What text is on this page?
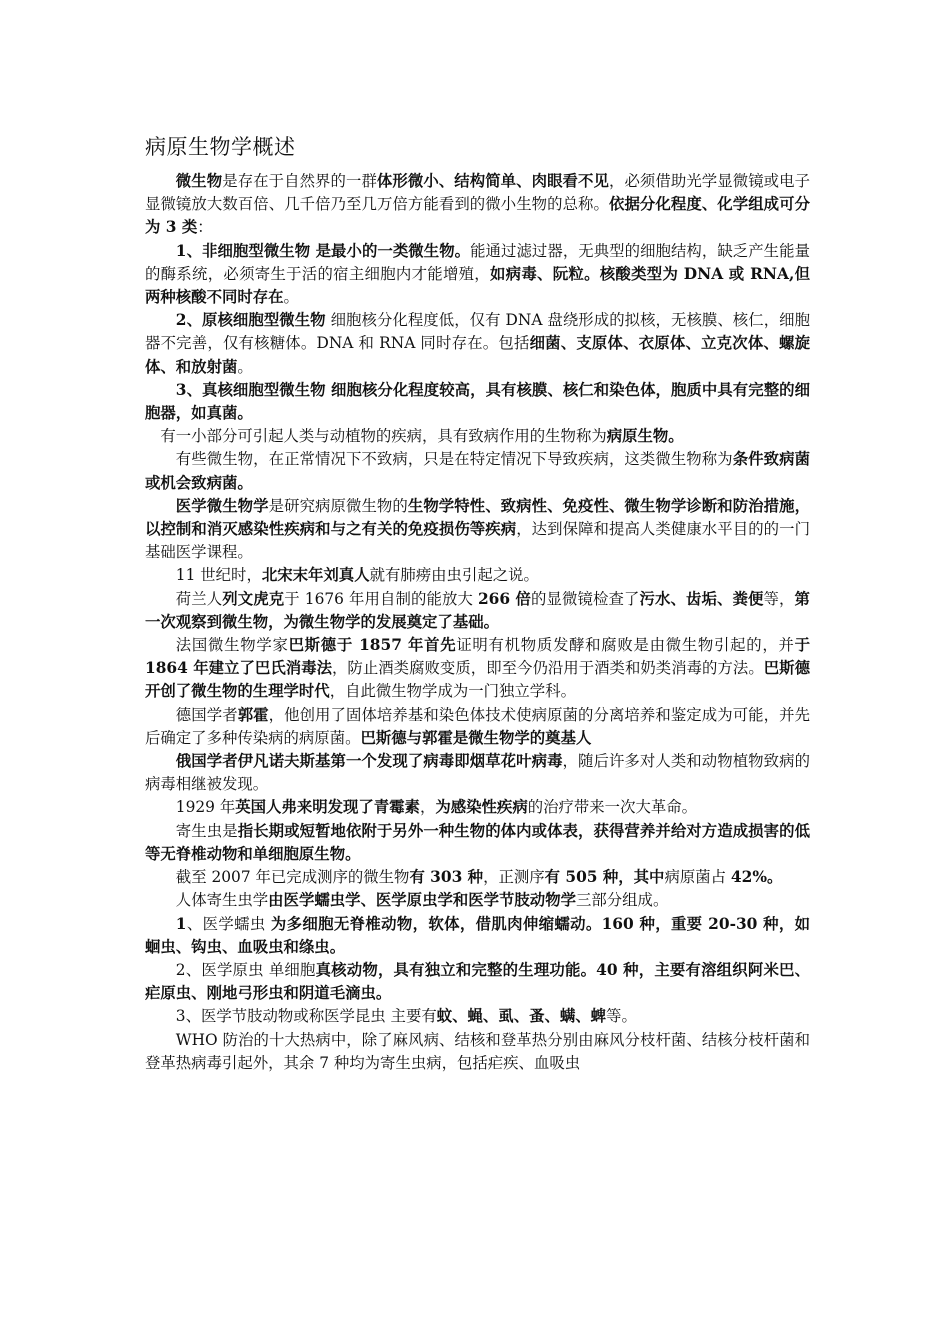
病原生物学概述

微生物是存在于自然界的一群体形微小、结构简单、肉眼看不见，必须借助光学显微镜或电子显微镜放大数百倍、几千倍乃至几万倍方能看到的微小生物的总称。依据分化程度、化学组成可分为 3 类：

1、非细胞型微生物 是最小的一类微生物。能通过滤过器，无典型的细胞结构，缺乏产生能量的酶系统，必须寄生于活的宿主细胞内才能增殖，如病毒、阮粒。核酸类型为 DNA 或 RNA,但两种核酸不同时存在。

2、原核细胞型微生物 细胞核分化程度低，仅有 DNA 盘绕形成的拟核，无核膜、核仁，细胞器不完善，仅有核糖体。DNA 和 RNA 同时存在。包括细菌、支原体、衣原体、立克次体、螺旋体、和放射菌。

3、真核细胞型微生物 细胞核分化程度较高，具有核膜、核仁和染色体，胞质中具有完整的细胞器，如真菌。

有一小部分可引起人类与动植物的疾病，具有致病作用的生物称为病原生物。

有些微生物，在正常情况下不致病，只是在特定情况下导致疾病，这类微生物称为条件致病菌或机会致病菌。

医学微生物学是研究病原微生物的生物学特性、致病性、免疫性、微生物学诊断和防治措施，以控制和消灭感染性疾病和与之有关的免疫损伤等疾病，达到保障和提高人类健康水平目的的一门基础医学课程。

11 世纪时，北宋末年刘真人就有肺痨由虫引起之说。

荷兰人列文虎克于 1676 年用自制的能放大 266 倍的显微镜检查了污水、齿垢、粪便等，第一次观察到微生物，为微生物学的发展奠定了基础。

法国微生物学家巴斯德于 1857 年首先证明有机物质发酵和腐败是由微生物引起的，并于 1864 年建立了巴氏消毒法，防止酒类腐败变质，即至今仍沿用于酒类和奶类消毒的方法。巴斯德开创了微生物的生理学时代，自此微生物学成为一门独立学科。

德国学者郭霍，他创用了固体培养基和染色体技术使病原菌的分离培养和鉴定成为可能，并先后确定了多种传染病的病原菌。巴斯德与郭霍是微生物学的奠基人

俄国学者伊凡诺夫斯基第一个发现了病毒即烟草花叶病毒，随后许多对人类和动物植物致病的病毒相继被发现。

1929 年英国人弗来明发现了青霉素，为感染性疾病的治疗带来一次大革命。

寄生虫是指长期或短暂地依附于另外一种生物的体内或体表，获得营养并给对方造成损害的低等无脊椎动物和单细胞原生物。

截至 2007 年已完成测序的微生物有 303 种，正测序有 505 种，其中病原菌占 42%。

人体寄生虫学由医学蠕虫学、医学原虫学和医学节肢动物学三部分组成。

1、医学蠕虫 为多细胞无脊椎动物，软体，借肌肉伸缩蠕动。160 种，重要 20-30 种，如蛔虫、钩虫、血吸虫和绦虫。

2、医学原虫 单细胞真核动物，具有独立和完整的生理功能。40 种，主要有溶组织阿米巴、疟原虫、刚地弓形虫和阴道毛滴虫。

3、医学节肢动物或称医学昆虫 主要有蚊、蝇、虱、蚤、螨、蜱等。

WHO 防治的十大热病中，除了麻风病、结核和登革热分别由麻风分枝杆菌、结核分枝杆菌和登革热病毒引起外，其余 7 种均为寄生虫病，包括疟疾、血吸虫
